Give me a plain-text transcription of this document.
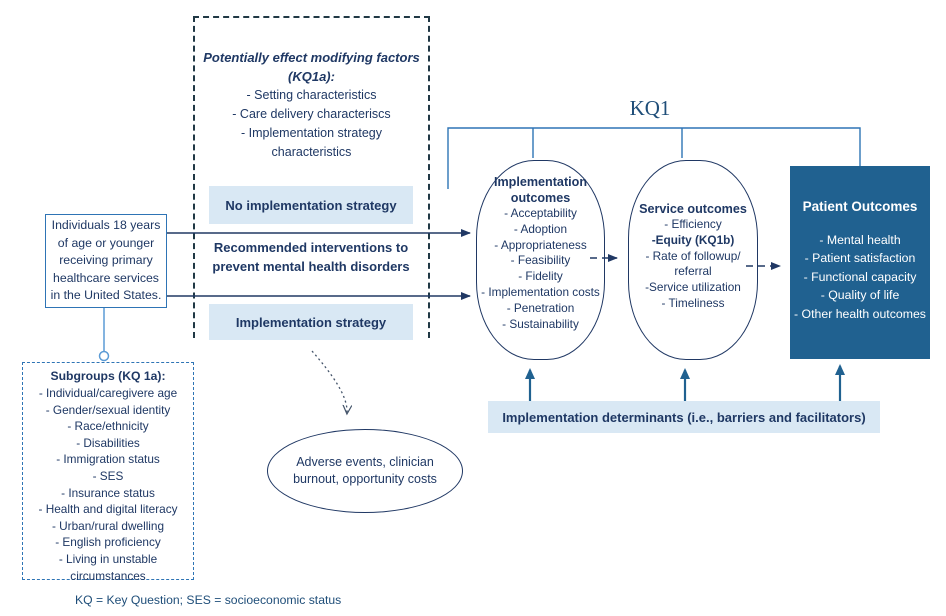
KQ1
Potentially effect modifying factors (KQ1a):
- Setting characteristics
- Care delivery characteriscs
- Implementation strategy characteristics
No implementation strategy
Recommended interventions to prevent mental health disorders
Implementation strategy
Individuals 18 years of age or younger receiving primary healthcare services in the United States.
Subgroups (KQ 1a):
- Individual/caregivere age
- Gender/sexual identity
- Race/ethnicity
- Disabilities
- Immigration status
- SES
- Insurance status
- Health and digital literacy
- Urban/rural dwelling
- English proficiency
- Living in unstable circumstances
Adverse events, clinician burnout, opportunity costs
Implementation outcomes
- Acceptability
- Adoption
- Appropriateness
- Feasibility
- Fidelity
- Implementation costs
- Penetration
- Sustainability
Service outcomes
- Efficiency
-Equity (KQ1b)
- Rate of followup/ referral
-Service utilization
- Timeliness
Patient Outcomes
- Mental health
- Patient satisfaction
- Functional capacity
- Quality of life
- Other health outcomes
Implementation determinants (i.e., barriers and facilitators)
KQ = Key Question; SES = socioeconomic status
